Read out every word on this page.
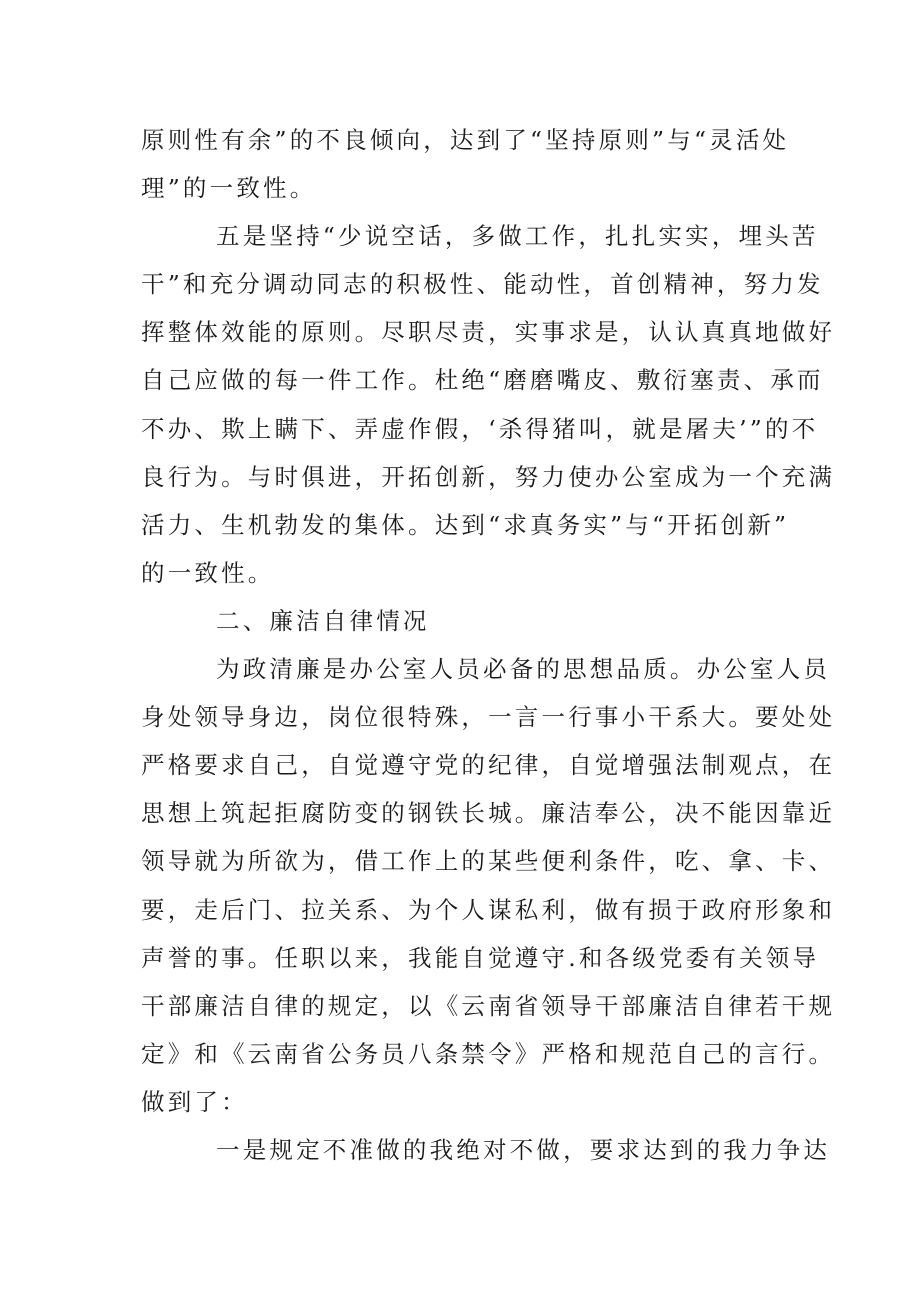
原则性有余”的不良倾向，达到了“坚持原则”与“灵活处
理”的一致性。
五是坚持“少说空话，多做工作，扎扎实实，埋头苦
干”和充分调动同志的积极性、能动性，首创精神，努力发
挥整体效能的原则。尽职尽责，实事求是，认认真真地做好
自己应做的每一件工作。杜绝“磨磨嘴皮、敷衍塞责、承而
不办、欺上瞒下、弄虚作假，‘杀得猪叫，就是屠夫’”的不
良行为。与时俱进，开拓创新，努力使办公室成为一个充满
活力、生机勃发的集体。达到“求真务实”与“开拓创新”
的一致性。
二、廉洁自律情况
为政清廉是办公室人员必备的思想品质。办公室人员
身处领导身边，岗位很特殊，一言一行事小干系大。要处处
严格要求自己，自觉遵守党的纪律，自觉增强法制观点，在
思想上筑起拒腐防变的钢铁长城。廉洁奉公，决不能因靠近
领导就为所欲为，借工作上的某些便利条件，吃、拿、卡、
要，走后门、拉关系、为个人谋私利，做有损于政府形象和
声誉的事。任职以来，我能自觉遵守.和各级党委有关领导
干部廉洁自律的规定，以《云南省领导干部廉洁自律若干规
定》和《云南省公务员八条禁令》严格和规范自己的言行。
做到了：
一是规定不准做的我绝对不做，要求达到的我力争达
